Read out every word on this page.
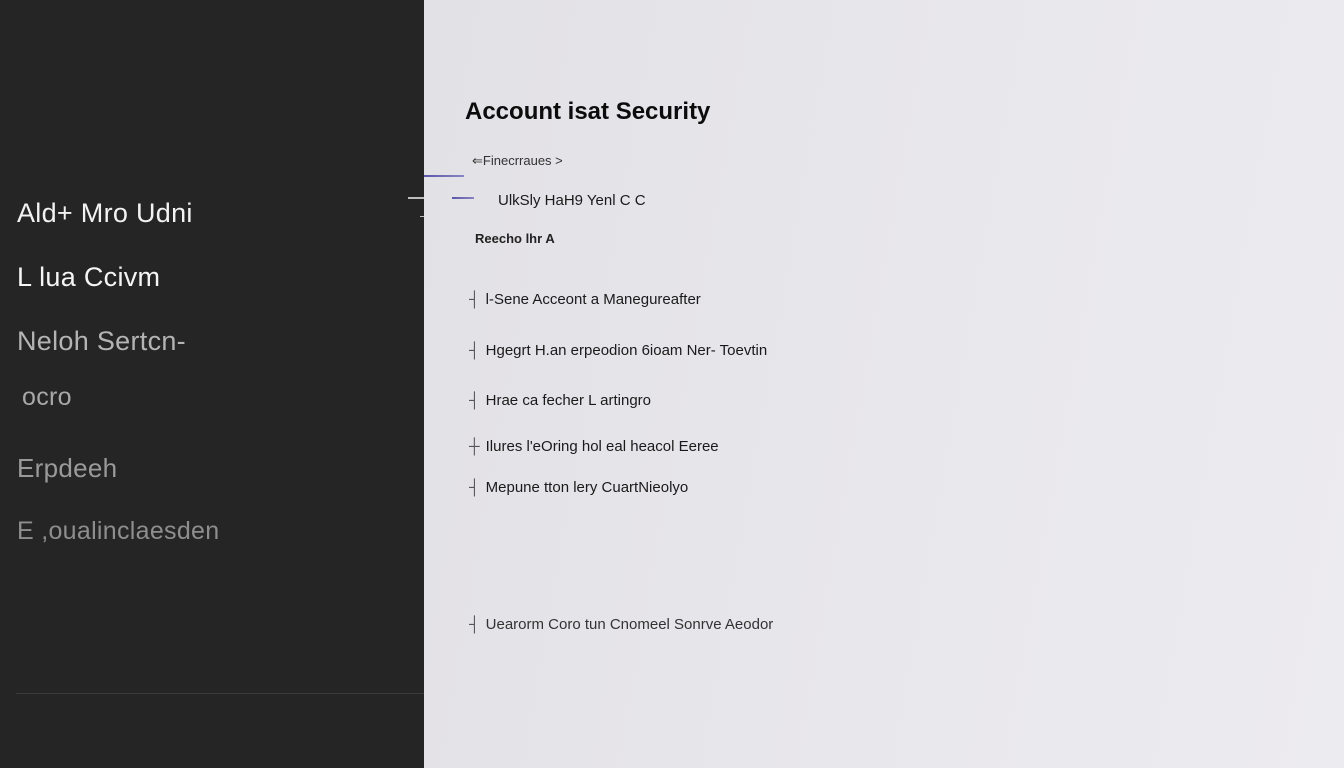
Ald+ Mro Udni
L lua Ccivm
Neloh Sertcn-
ocro
Erpdeeh
E ,oualinclaesden
Account isat Security
⇐Finecrraues >
UlkSly HaH9 Yenl C C
Reecho lhr A
┤ l-Sene Acceont a Manegureafter
┤ Hgegrt H.an erpeodion 6ioam Ner- Toevtin
┤ Hrae ca fecher L artingro
┼ Ilures l'eOring hol eal heacol Eeree
┤ Mepune tton lery CuartNieolyo
┤ Uearorm Coro tun Cnomeel Sonrve Aeodor
